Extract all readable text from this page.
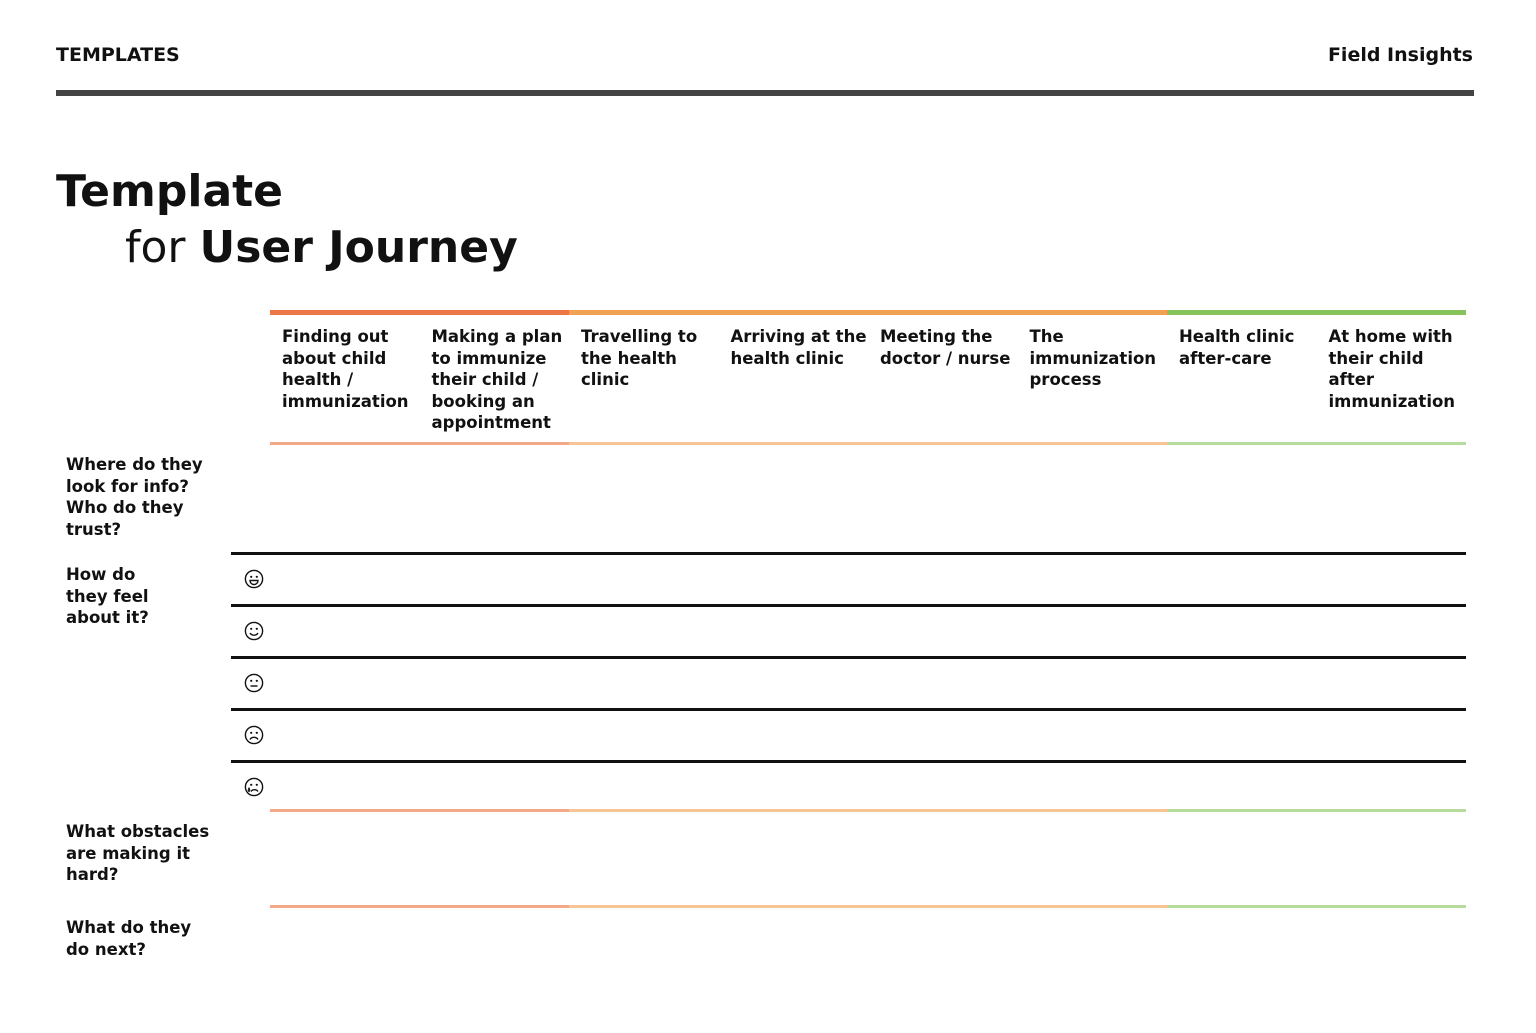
TEMPLATES	Field Insights
Template
for User Journey
Finding out about child health / immunization
Making a plan to immunize their child / booking an appointment
Travelling to the health clinic
Arriving at the health clinic
Meeting the doctor / nurse
The immunization process
Health clinic after-care
At home with their child after immunization
Where do they look for info? Who do they trust?
How do they feel about it?
What obstacles are making it hard?
What do they do next?
